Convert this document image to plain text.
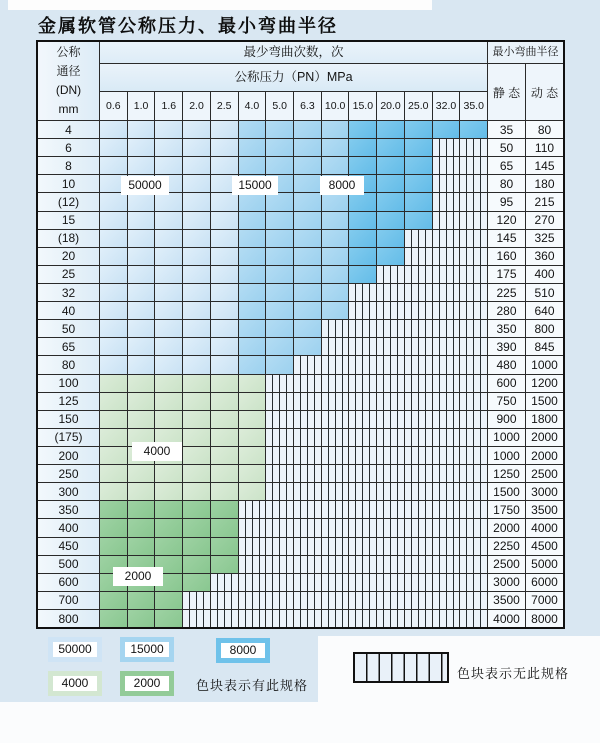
金属软管公称压力、最小弯曲半径
公称
通径
(DN)
mm
最少弯曲次数，次
公称压力（PN）MPa
0.6	1.0	1.6	2.0	2.5	4.0	5.0	6.3 10.0 15.0 20.0 25.0 32.0 35.0
最小弯曲半径
静 态 动 态
4	35	80
6	50	110
8	65	145
10	80	180
(12)	95	215
15	120	270
(18)	145	325
20	160	360
25	175	400
32	225	510
40	280	640
50	350	800
65	390	845
80	480	1000
100	600	1200
125	750	1500
150	900	1800
(175)	1000 2000
200	1000 2000
250	1250 2500
300	1500 3000
350	1750 3500
400	2000 4000
450	2250 4500
500	2500 5000
600	3000 6000
700	3500 7000
800	4000 8000
50000	15000	8000
4000
2000
50000	15000	8000
4000	2000	色块表示有此规格
色块表示无此规格
